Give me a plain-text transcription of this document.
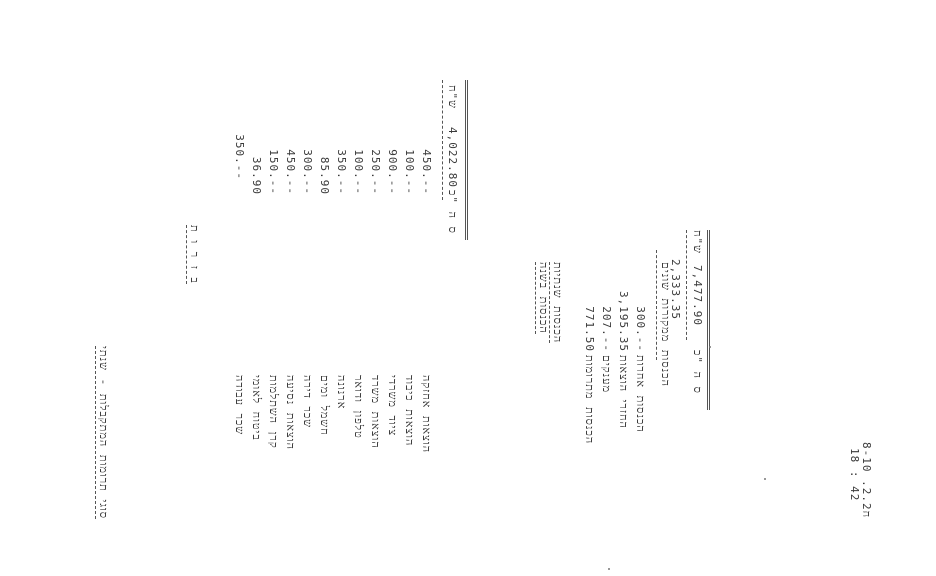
8-10 .2.2ח
18 : 42
סוגי תרומות המתקבלות - שנתי
ב ז ר ו ת
350.--
שכר עבודה
36.90
ביטוח לאומי
150.--
קרן השתלמות
450.--
הוצאות נסיעה
300.--
שכר דירה
85.90
חשמל ומים
350.--
ארנונה
100.--
טלפון ודואר
250.--
הוצאות משרד
900.--
ציוד משרדי
100.--
הוצאות כיבוד
450.--
הוצאות אחזקה
ש"ח
4,022.80
ס ה "כ
הכנסות בשנה הכנסות שנתיות 771.50
הכנסות מתרומות
207.--
מענקים
3,195.35
החזרי הוצאות
300.--
הכנסות אחרות
הכנסות ממקורות שונים
2,333.35
ש"ח
7,477.90
ס ה "כ
